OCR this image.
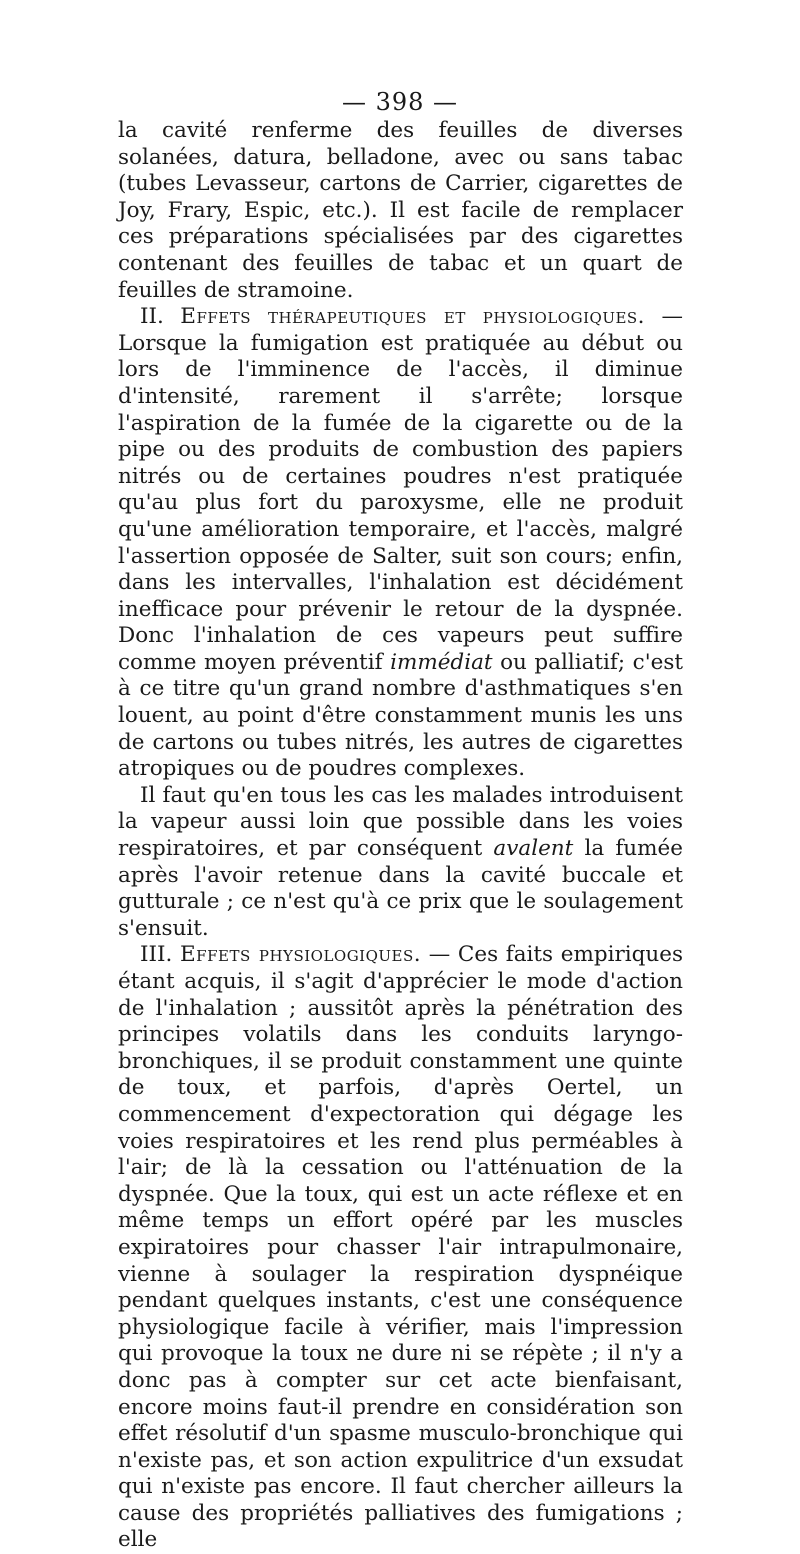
— 398 —

la cavité renferme des feuilles de diverses solanées, datura, belladone, avec ou sans tabac (tubes Levasseur, cartons de Carrier, cigarettes de Joy, Frary, Espic, etc.). Il est facile de remplacer ces préparations spécialisées par des cigarettes contenant des feuilles de tabac et un quart de feuilles de stramoine.

II. Effets thérapeutiques et physiologiques. — Lorsque la fumigation est pratiquée au début ou lors de l'imminence de l'accès, il diminue d'intensité, rarement il s'arrête; lorsque l'aspiration de la fumée de la cigarette ou de la pipe ou des produits de combustion des papiers nitrés ou de certaines poudres n'est pratiquée qu'au plus fort du paroxysme, elle ne produit qu'une amélioration temporaire, et l'accès, malgré l'assertion opposée de Salter, suit son cours; enfin, dans les intervalles, l'inhalation est décidément inefficace pour prévenir le retour de la dyspnée. Donc l'inhalation de ces vapeurs peut suffire comme moyen préventif immédiat ou palliatif; c'est à ce titre qu'un grand nombre d'asthmatiques s'en louent, au point d'être constamment munis les uns de cartons ou tubes nitrés, les autres de cigarettes atropiques ou de poudres complexes.

Il faut qu'en tous les cas les malades introduisent la vapeur aussi loin que possible dans les voies respiratoires, et par conséquent avalent la fumée après l'avoir retenue dans la cavité buccale et gutturale ; ce n'est qu'à ce prix que le soulagement s'ensuit.

III. Effets physiologiques. — Ces faits empiriques étant acquis, il s'agit d'apprécier le mode d'action de l'inhalation ; aussitôt après la pénétration des principes volatils dans les conduits laryngo-bronchiques, il se produit constamment une quinte de toux, et parfois, d'après Oertel, un commencement d'expectoration qui dégage les voies respiratoires et les rend plus perméables à l'air; de là la cessation ou l'atténuation de la dyspnée. Que la toux, qui est un acte réflexe et en même temps un effort opéré par les muscles expiratoires pour chasser l'air intrapulmonaire, vienne à soulager la respiration dyspnéique pendant quelques instants, c'est une conséquence physiologique facile à vérifier, mais l'impression qui provoque la toux ne dure ni se répète ; il n'y a donc pas à compter sur cet acte bienfaisant, encore moins faut-il prendre en considération son effet résolutif d'un spasme musculo-bronchique qui n'existe pas, et son action expulitrice d'un exsudat qui n'existe pas encore. Il faut chercher ailleurs la cause des propriétés palliatives des fumigations ; elle
